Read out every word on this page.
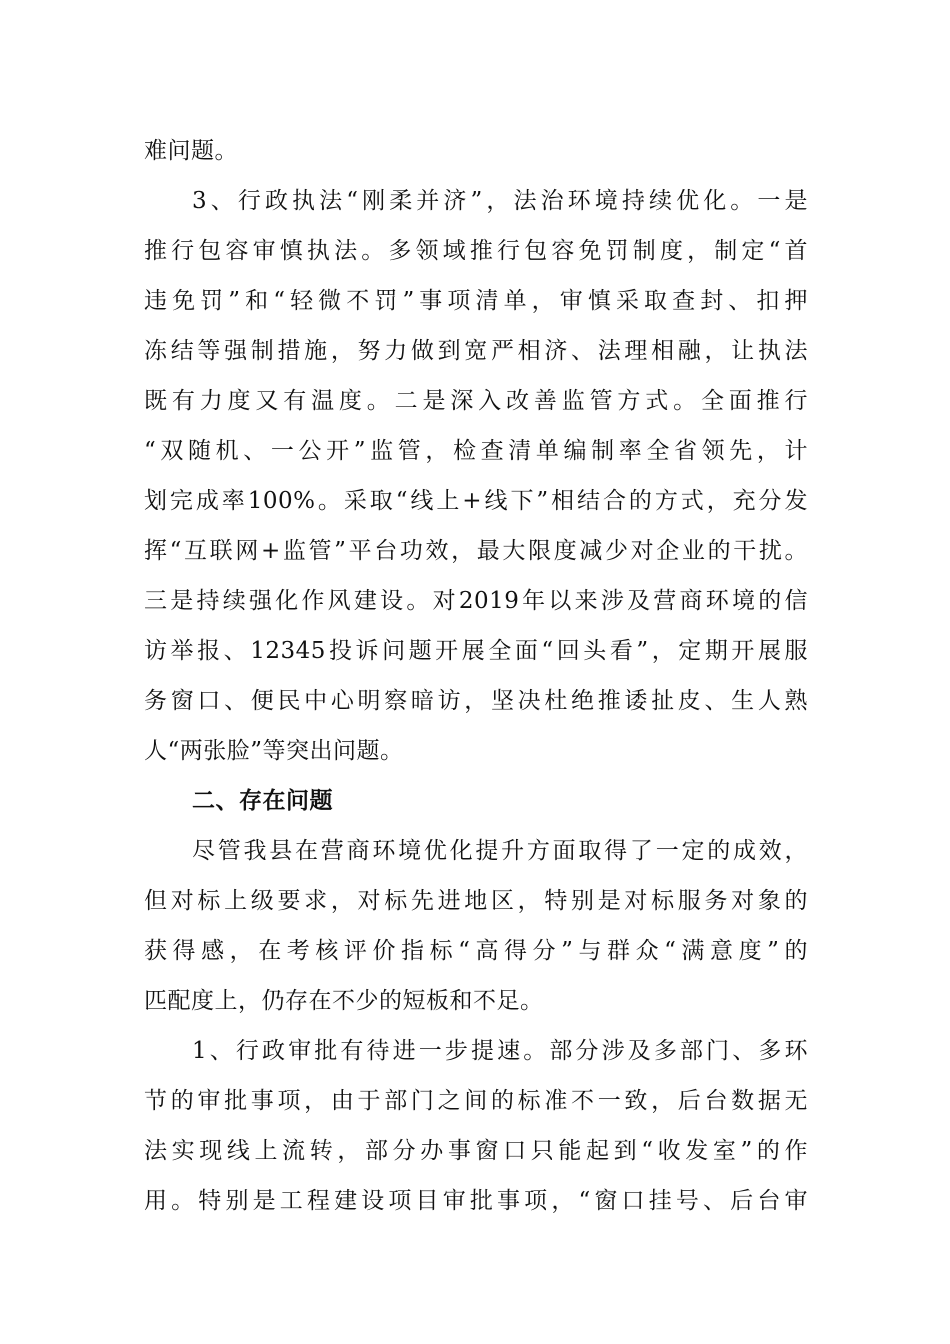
难问题。
3、行政执法“刚柔并济”，法治环境持续优化。一是
推行包容审慎执法。多领域推行包容免罚制度，制定“首
违免罚”和“轻微不罚”事项清单，审慎采取查封、扣押
冻结等强制措施，努力做到宽严相济、法理相融，让执法
既有力度又有温度。二是深入改善监管方式。全面推行
“双随机、一公开”监管，检查清单编制率全省领先，计
划完成率100%。采取“线上+线下”相结合的方式，充分发
挥“互联网+监管”平台功效，最大限度减少对企业的干扰。
三是持续强化作风建设。对2019年以来涉及营商环境的信
访举报、12345投诉问题开展全面“回头看”，定期开展服
务窗口、便民中心明察暗访，坚决杜绝推诿扯皮、生人熟
人“两张脸”等突出问题。
二、存在问题
尽管我县在营商环境优化提升方面取得了一定的成效，
但对标上级要求，对标先进地区，特别是对标服务对象的
获得感，在考核评价指标“高得分”与群众“满意度”的
匹配度上，仍存在不少的短板和不足。
1、行政审批有待进一步提速。部分涉及多部门、多环
节的审批事项，由于部门之间的标准不一致，后台数据无
法实现线上流转，部分办事窗口只能起到“收发室”的作
用。特别是工程建设项目审批事项，“窗口挂号、后台审
